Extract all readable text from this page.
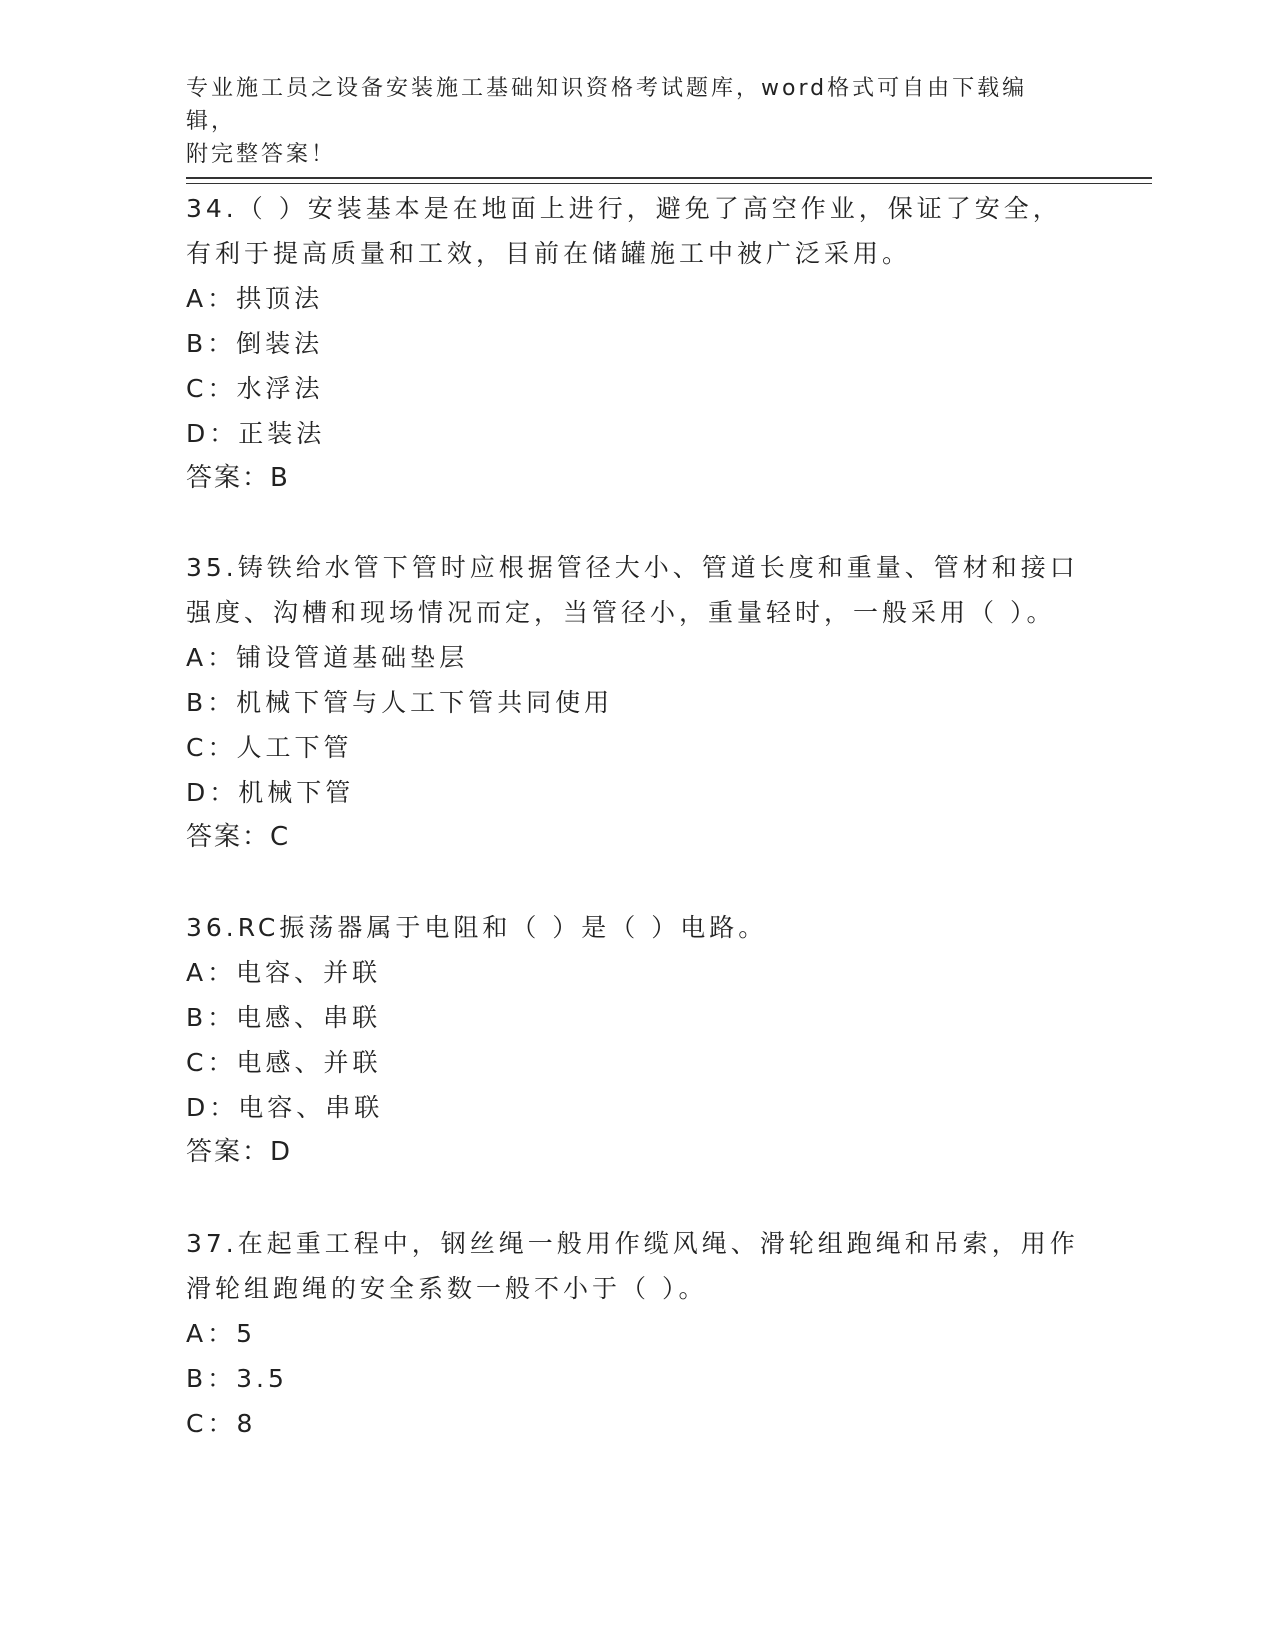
专业施工员之设备安装施工基础知识资格考试题库，word格式可自由下载编辑，
附完整答案！
34.（ ）安装基本是在地面上进行，避免了高空作业，保证了安全，
有利于提高质量和工效，目前在储罐施工中被广泛采用。
A：拱顶法
B：倒装法
C：水浮法
D：正装法
答案：B
35.铸铁给水管下管时应根据管径大小、管道长度和重量、管材和接口
强度、沟槽和现场情况而定，当管径小，重量轻时，一般采用（ ）。
A：铺设管道基础垫层
B：机械下管与人工下管共同使用
C：人工下管
D：机械下管
答案：C
36.RC振荡器属于电阻和（ ）是（ ）电路。
A：电容、并联
B：电感、串联
C：电感、并联
D：电容、串联
答案：D
37.在起重工程中，钢丝绳一般用作缆风绳、滑轮组跑绳和吊索，用作
滑轮组跑绳的安全系数一般不小于（ ）。
A：5
B：3.5
C：8
